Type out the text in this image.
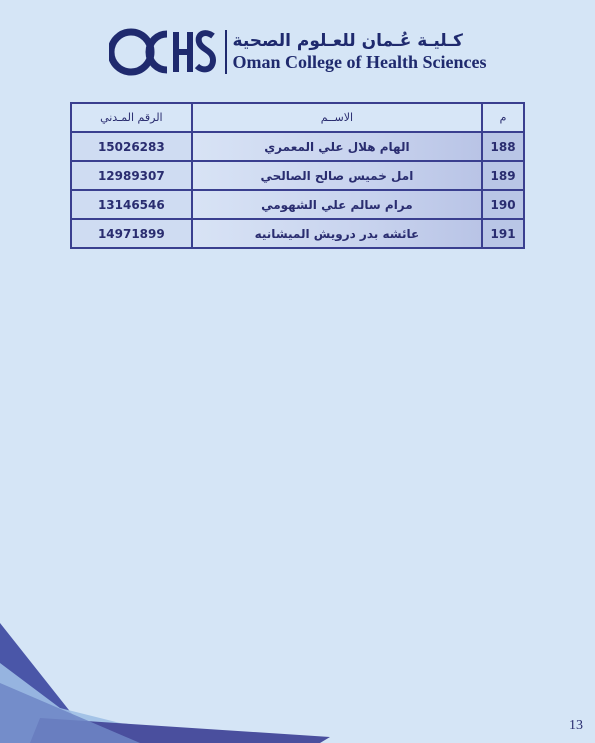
كـليـة عُـمان للعـلوم الصحية
Oman College of Health Sciences
م	الاســم	الرقم المـدني
188	الهام هلال علي المعمري	15026283
189	امل خميس صالح الصالحي	12989307
190	مرام سالم علي الشهومي	13146546
191	عائشه بدر درويش الميشانيه	14971899
13
